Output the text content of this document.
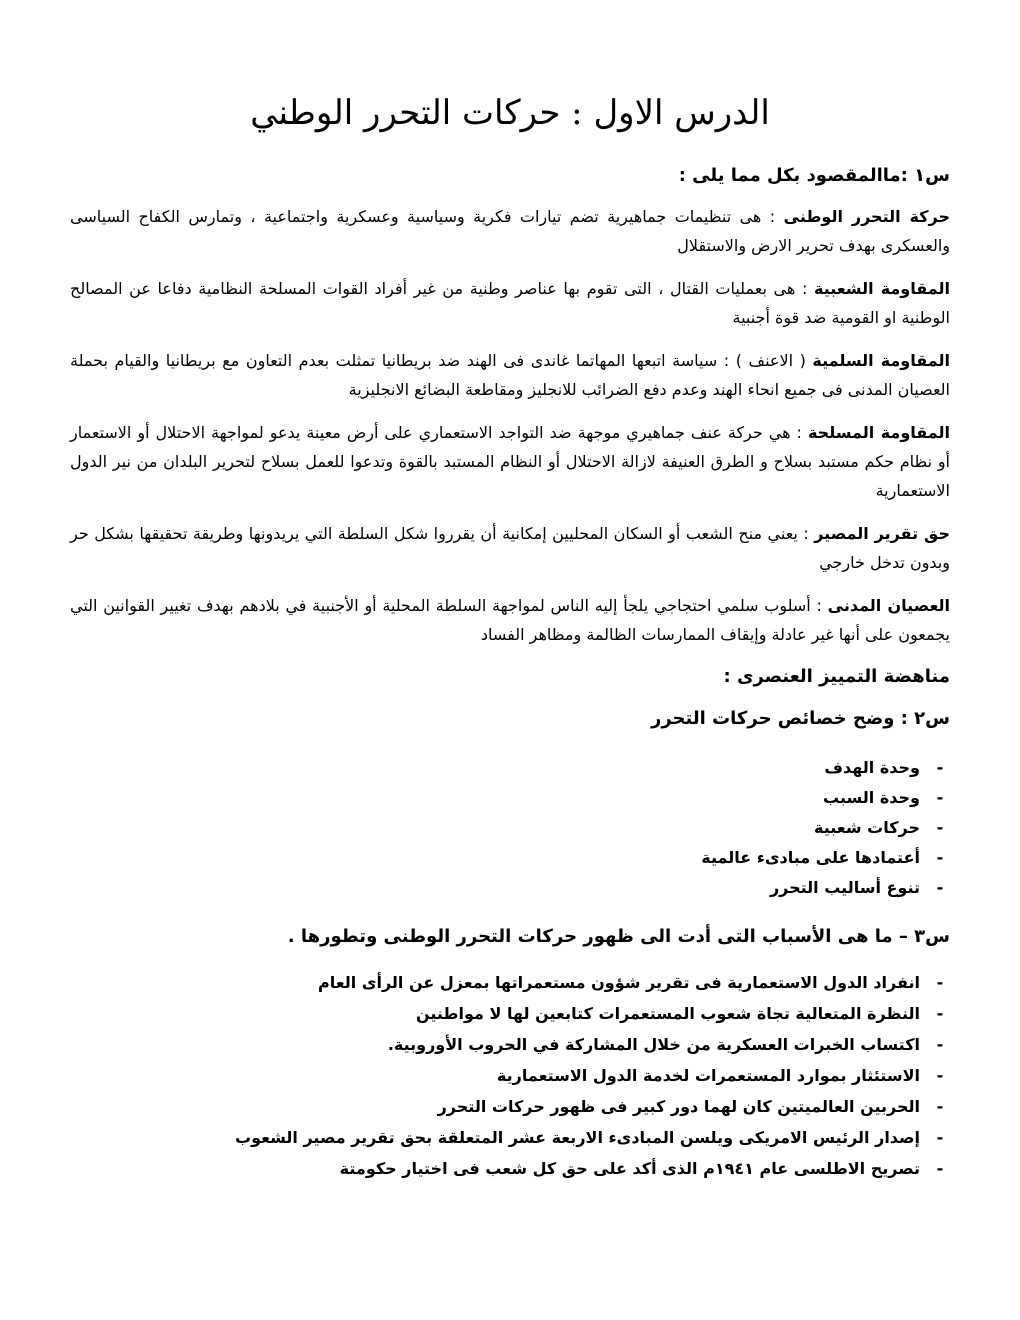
الدرس الاول : حركات التحرر الوطني

س١ :ماالمقصود بكل مما يلى :

حركة التحرر الوطنى : هى تنظيمات جماهيرية تضم تيارات فكرية وسياسية وعسكرية واجتماعية ، وتمارس الكفاح السياسى والعسكرى بهدف تحرير الارض والاستقلال

المقاومة الشعبية : هى بعمليات القتال ، التى تقوم بها عناصر وطنية من غير أفراد القوات المسلحة النظامية دفاعا عن المصالح الوطنية او القومية ضد قوة أجنبية

المقاومة السلمية ( الاعنف ) : سياسة اتبعها المهاتما غاندى فى الهند ضد بريطانيا تمثلت بعدم التعاون مع بريطانيا والقيام بحملة العصيان المدنى فى جميع انحاء الهند وعدم دفع الضرائب للانجليز ومقاطعة البضائع الانجليزية

المقاومة المسلحة : هي حركة عنف جماهيري موجهة ضد التواجد الاستعماري على أرض معينة يدعو لمواجهة الاحتلال أو الاستعمار أو نظام حكم مستبد بسلاح و الطرق العنيفة لازالة الاحتلال أو النظام المستبد بالقوة وتدعوا للعمل بسلاح لتحرير البلدان من نير الدول الاستعمارية

حق تقرير المصير : يعني منح الشعب أو السكان المحليين إمكانية أن يقرروا شكل السلطة التي يريدونها وطريقة تحقيقها بشكل حر وبدون تدخل خارجي

العصيان المدنى : أسلوب سلمي احتجاجي يلجأ إليه الناس لمواجهة السلطة المحلية أو الأجنبية في بلادهم بهدف تغيير القوانين التي يجمعون على أنها غير عادلة وإيقاف الممارسات الظالمة ومظاهر الفساد

مناهضة التمييز العنصرى :

س٢ : وضح خصائص حركات التحرر

-
وحدة الهدف
-
وحدة السبب
-
حركات شعبية
-
أعتمادها على مبادىء عالمية
-
تنوع أساليب التحرر

س٣ – ما هى الأسباب التى أدت الى ظهور حركات التحرر الوطنى وتطورها .

-
انفراد الدول الاستعمارية فى تقرير شؤون مستعمراتها بمعزل عن الرأى العام
-
النظرة المتعالية تجاة شعوب المستعمرات كتابعين لها لا مواطنين
-
اكتساب الخبرات العسكرية من خلال المشاركة في الحروب الأوروبية.
-
الاستئثار بموارد المستعمرات لخدمة الدول الاستعمارية
-
الحربين العالميتين كان لهما دور كبير فى ظهور حركات التحرر
-
إصدار الرئيس الامريكى ويلسن المبادىء الاربعة عشر المتعلقة بحق تقرير مصير الشعوب
-
تصريح الاطلسى عام ١٩٤١م الذى أكد على حق كل شعب فى اختيار حكومتة
